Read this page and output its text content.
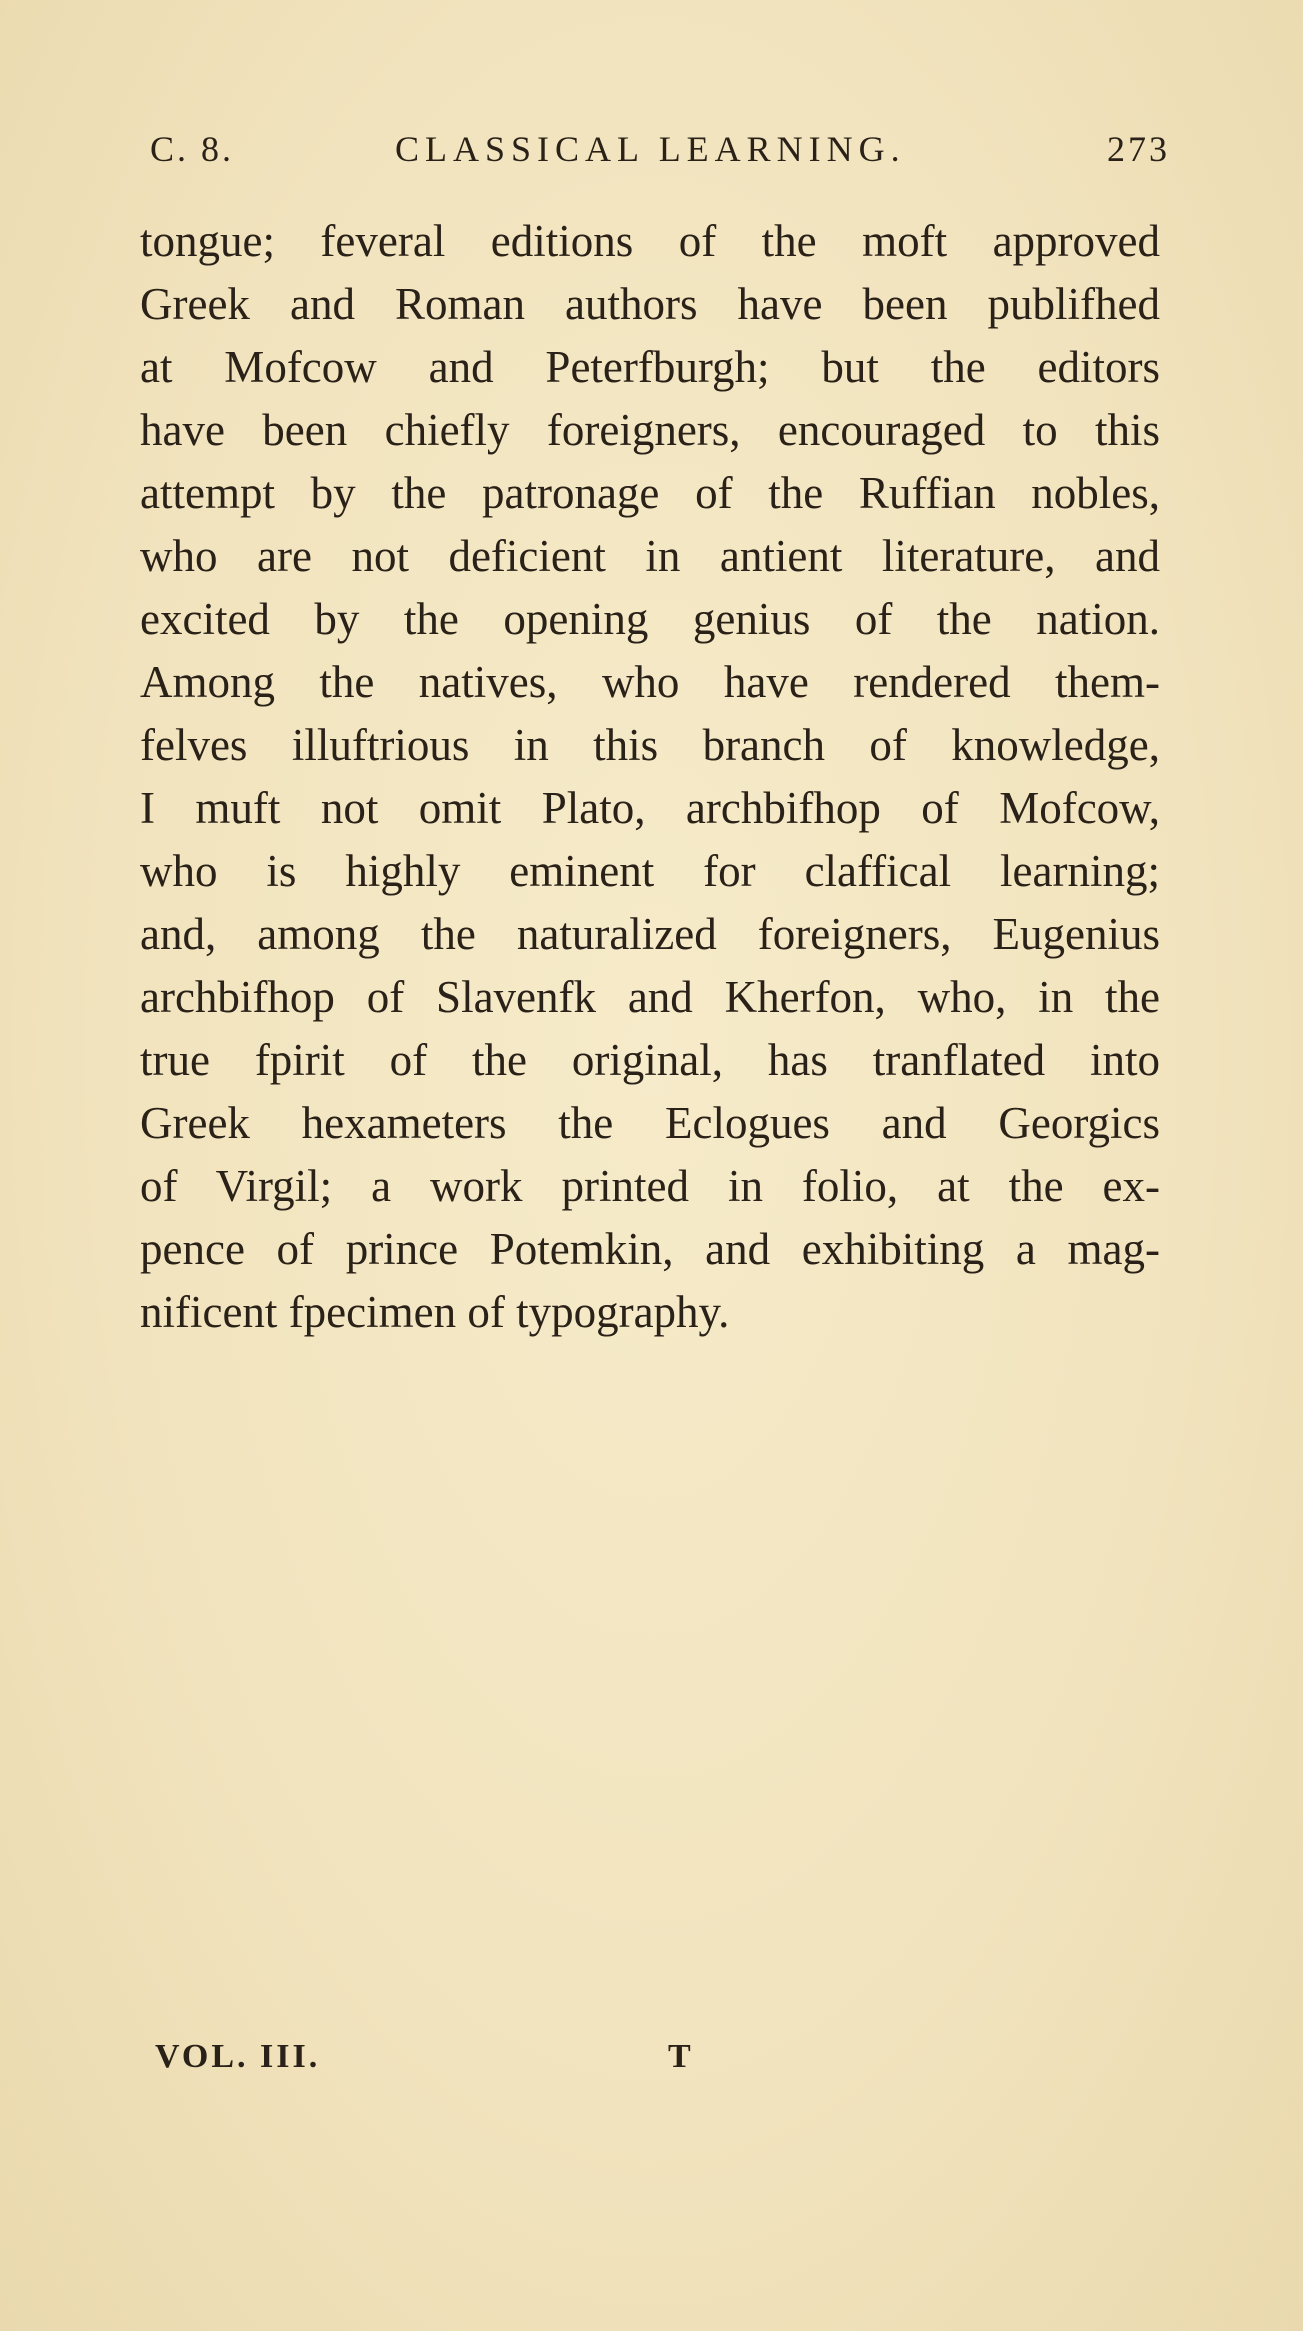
C. 8.	CLASSICAL LEARNING.	273
tongue; feveral editions of the moft approved
Greek and Roman authors have been publifhed
at Mofcow and Peterfburgh; but the editors
have been chiefly foreigners, encouraged to this
attempt by the patronage of the Ruffian nobles,
who are not deficient in antient literature, and
excited by the opening genius of the nation.
Among the natives, who have rendered them-
felves illuftrious in this branch of knowledge,
I muft not omit Plato, archbifhop of Mofcow,
who is highly eminent for claffical learning;
and, among the naturalized foreigners, Eugenius
archbifhop of Slavenfk and Kherfon, who, in the
true fpirit of the original, has tranflated into
Greek hexameters the Eclogues and Georgics
of Virgil; a work printed in folio, at the ex-
pence of prince Potemkin, and exhibiting a mag-
nificent fpecimen of typography.
VOL. III.	T
